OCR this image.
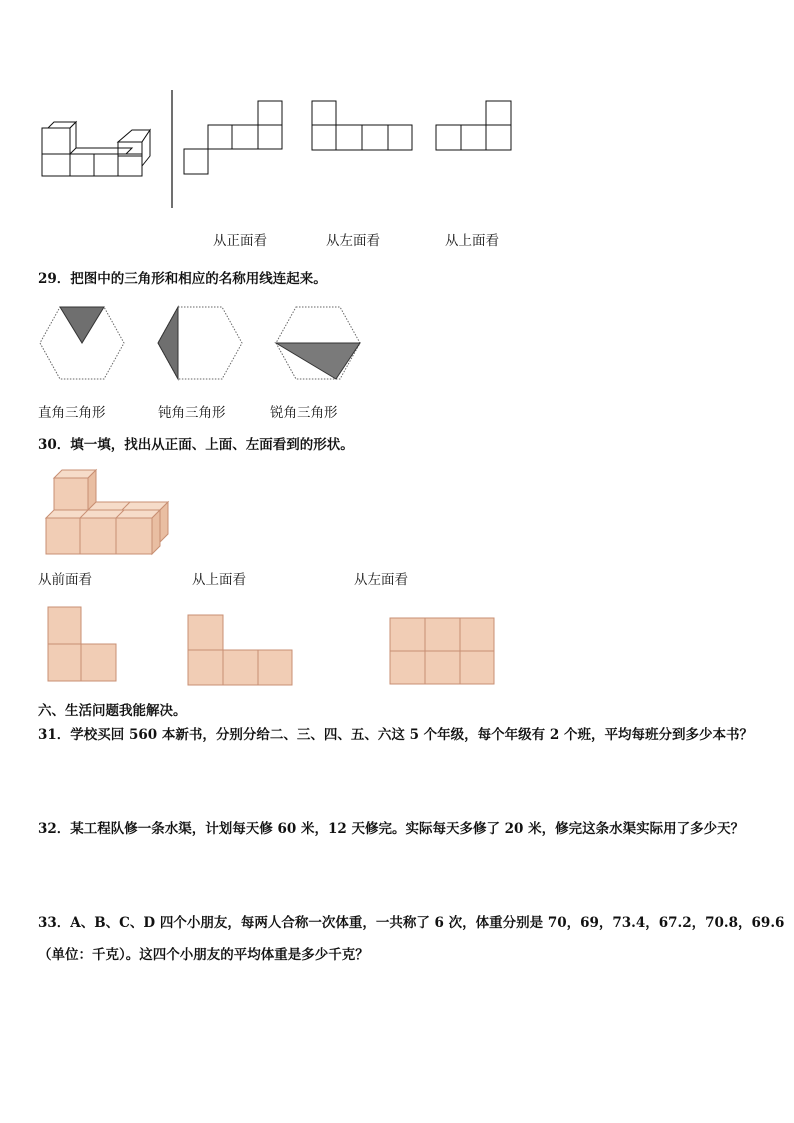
从正面看	从左面看	从上面看
29．把图中的三角形和相应的名称用线连起来。
直角三角形	钝角三角形	锐角三角形
30．填一填，找出从正面、上面、左面看到的形状。
从前面看	从上面看	从左面看
六、生活问题我能解决。
31．学校买回 560 本新书，分别分给二、三、四、五、六这 5 个年级，每个年级有 2 个班，平均每班分到多少本书？
32．某工程队修一条水渠，计划每天修 60 米，12 天修完。实际每天多修了 20 米，修完这条水渠实际用了多少天？
33．A、B、C、D 四个小朋友，每两人合称一次体重，一共称了 6 次，体重分别是 70，69，73.4，67.2，70.8，69.6
（单位：千克）。这四个小朋友的平均体重是多少千克？
